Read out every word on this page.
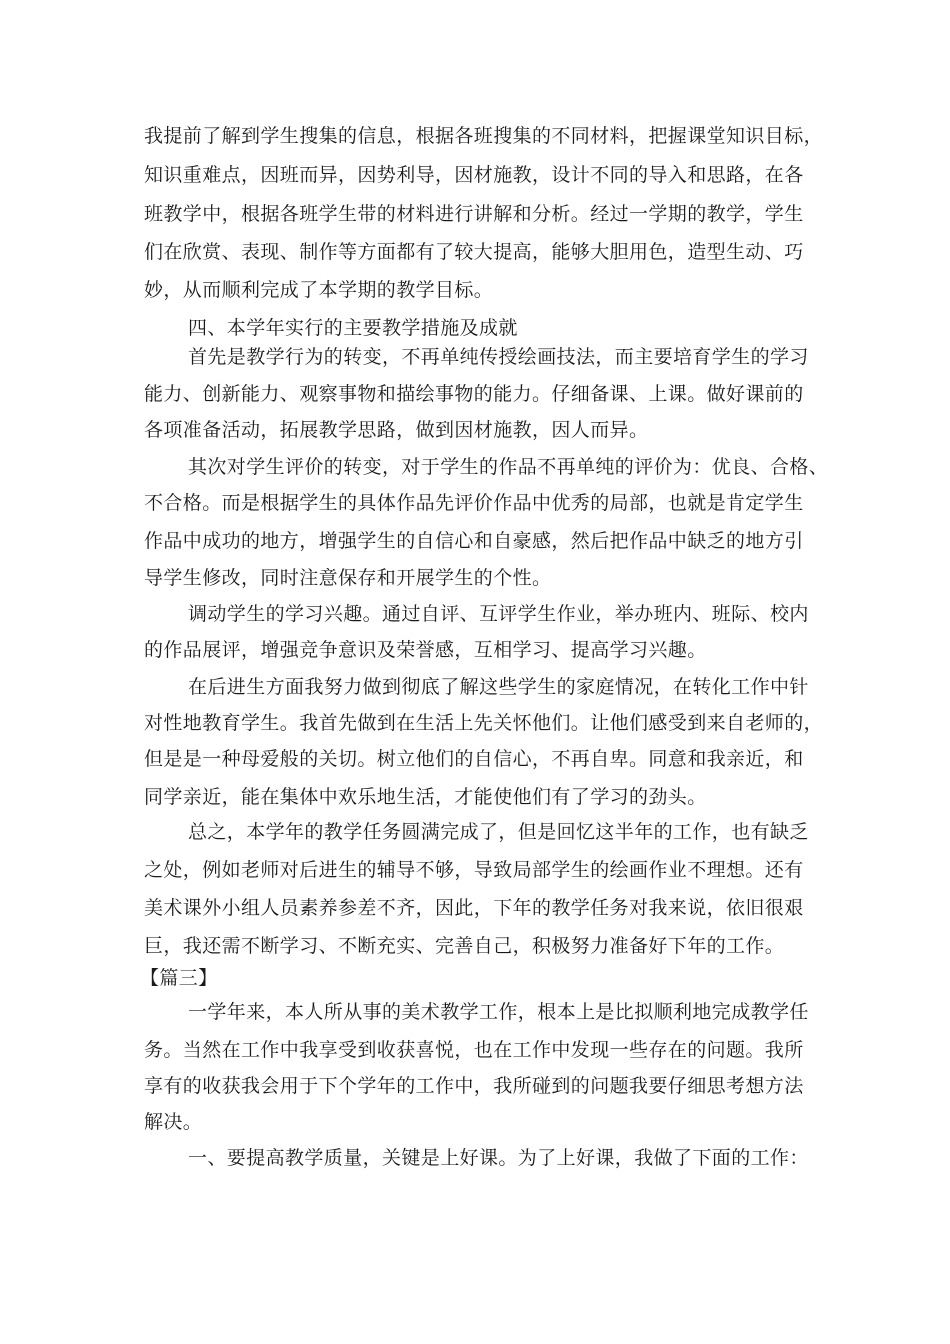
我提前了解到学生搜集的信息，根据各班搜集的不同材料，把握课堂知识目标，
知识重难点，因班而异，因势利导，因材施教，设计不同的导入和思路，在各
班教学中，根据各班学生带的材料进行讲解和分析。经过一学期的教学，学生
们在欣赏、表现、制作等方面都有了较大提高，能够大胆用色，造型生动、巧
妙，从而顺利完成了本学期的教学目标。
四、本学年实行的主要教学措施及成就
首先是教学行为的转变，不再单纯传授绘画技法，而主要培育学生的学习
能力、创新能力、观察事物和描绘事物的能力。仔细备课、上课。做好课前的
各项准备活动，拓展教学思路，做到因材施教，因人而异。
其次对学生评价的转变，对于学生的作品不再单纯的评价为：优良、合格、
不合格。而是根据学生的具体作品先评价作品中优秀的局部，也就是肯定学生
作品中成功的地方，增强学生的自信心和自豪感，然后把作品中缺乏的地方引
导学生修改，同时注意保存和开展学生的个性。
调动学生的学习兴趣。通过自评、互评学生作业，举办班内、班际、校内
的作品展评，增强竞争意识及荣誉感，互相学习、提高学习兴趣。
在后进生方面我努力做到彻底了解这些学生的家庭情况，在转化工作中针
对性地教育学生。我首先做到在生活上先关怀他们。让他们感受到来自老师的，
但是是一种母爱般的关切。树立他们的自信心，不再自卑。同意和我亲近，和
同学亲近，能在集体中欢乐地生活，才能使他们有了学习的劲头。
总之，本学年的教学任务圆满完成了，但是回忆这半年的工作，也有缺乏
之处，例如老师对后进生的辅导不够，导致局部学生的绘画作业不理想。还有
美术课外小组人员素养参差不齐，因此，下年的教学任务对我来说，依旧很艰
巨，我还需不断学习、不断充实、完善自己，积极努力准备好下年的工作。
【篇三】
一学年来，本人所从事的美术教学工作，根本上是比拟顺利地完成教学任
务。当然在工作中我享受到收获喜悦，也在工作中发现一些存在的问题。我所
享有的收获我会用于下个学年的工作中，我所碰到的问题我要仔细思考想方法
解决。
一、要提高教学质量，关键是上好课。为了上好课，我做了下面的工作：
